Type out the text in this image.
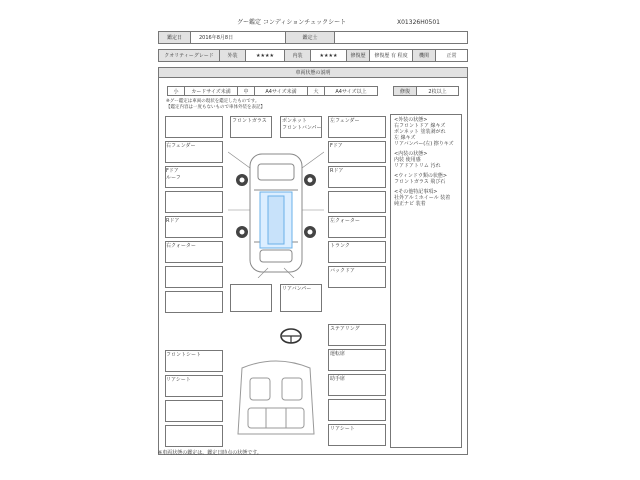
グー鑑定 コンディションチェックシート	X01326H0501
鑑定日	2016年8月8日	鑑定士
クオリティーグレード	外装	★★★★	内装	★★★★	修復歴	修復歴 有 程度	機関	正常
車両状態の説明
小	カードサイズ未満	中	A4サイズ未満	大	A4サイズ以上	修復	2枚以上
※グー鑑定は車両の現状を鑑定したものです。
【鑑定内容は一度もないもので車体外装を表記】
フロントガラス	ボンネット
フロントバンパー
右フェンダー
Fドア
ルーフ
Rドア
右クォーター
リアバンパー
左フェンダー
Fドア
Rドア
左クォーター
トランク
バックドア
ステアリング
フロントシート
リアシート
運転席
助手席
リアシート
<外装の状態>
右フロントドア 線キズ
ボンネット 塗装剥がれ
左 線キズ
リアバンパー(左) 擦りキズ
<内装の状態>
内装 使用感
リアドアトリム 汚れ
<ウィンドウ類の状態>
フロントガラス 飛び石
<その他特記事項>
社外アルミホイール 装着
純正ナビ 装着
※車両状態の鑑定は、鑑定日時点の状態です。
